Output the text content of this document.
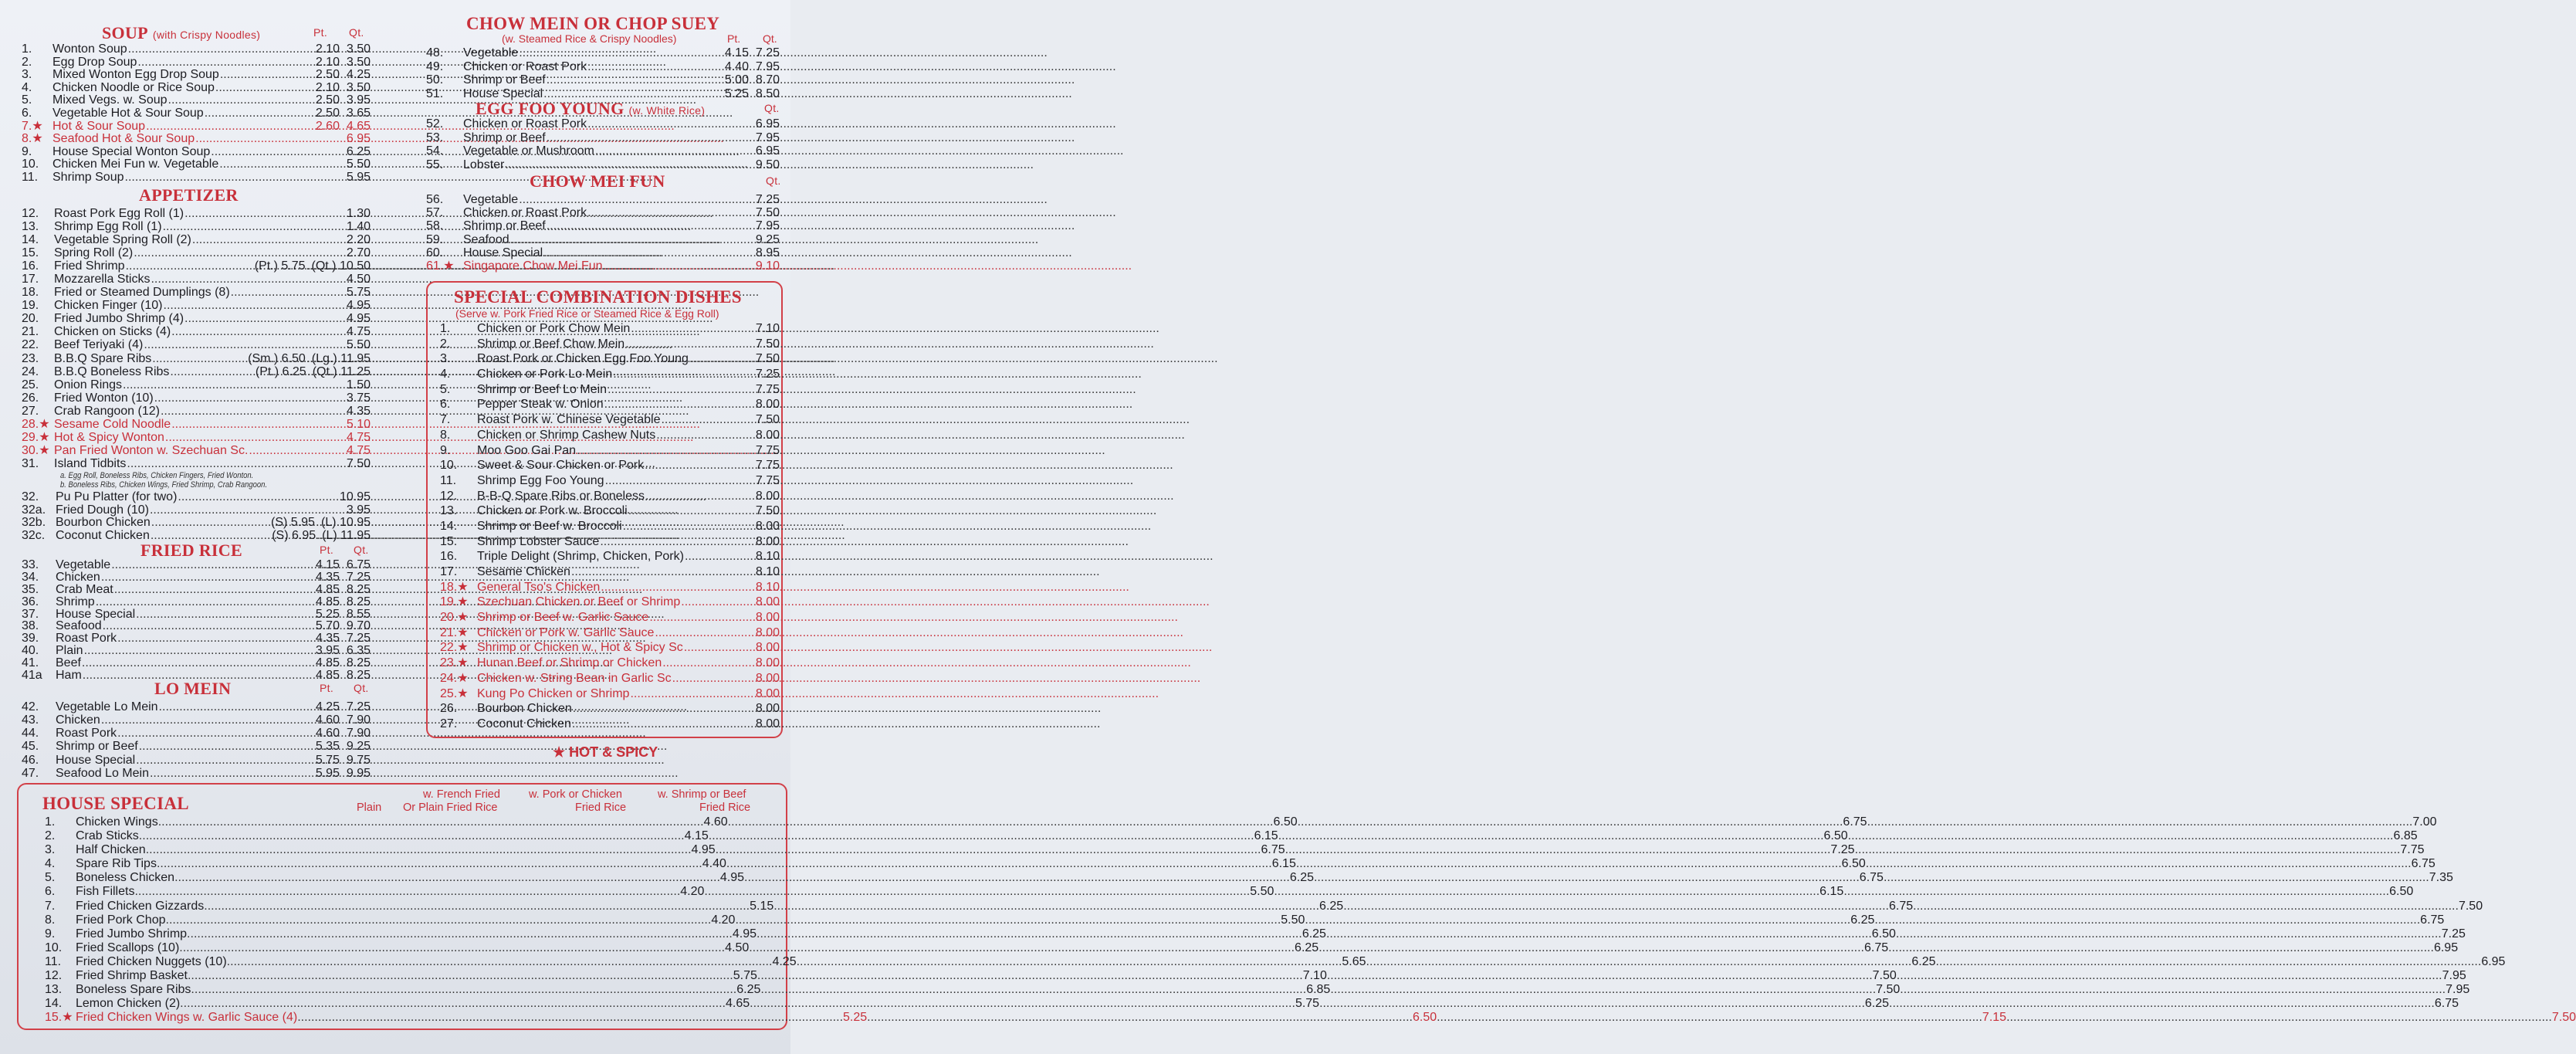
SOUP (with Crispy Noodles)	Pt. Qt.
1.	Wonton Soup .....	2.10  3.50
2.	Egg Drop Soup .....	2.10  3.50
3.	Mixed Wonton Egg Drop Soup .....	2.50  4.25
4.	Chicken Noodle or Rice Soup .....	2.10  3.50
5.	Mixed Vegs. w. Soup .....	2.50  3.95
6.	Vegetable Hot & Sour Soup .....	2.50  3.65
7.★ Hot & Sour Soup .....	2.60  4.65
8.★ Seafood Hot & Sour Soup .....	6.95
9.	House Special Wonton Soup .....	6.25
10.	Chicken Mei Fun w. Vegetable .....	5.50
11.	Shrimp Soup .....	5.95
APPETIZER
12.	Roast Pork Egg Roll (1) .....	1.30
13.	Shrimp Egg Roll (1) .....	1.40
14.	Vegetable Spring Roll (2) .....	2.20
15.	Spring Roll (2) .....	2.70
16.	Fried Shrimp .....	(Pt.) 5.75 ..... (Qt.) 10.50
17.	Mozzarella Sticks .....	4.50
18.	Fried or Steamed Dumplings (8) .....	5.75
19.	Chicken Finger (10) .....	4.95
20.	Fried Jumbo Shrimp (4) .....	4.95
21.	Chicken on Sticks (4) .....	4.75
22.	Beef Teriyaki (4) .....	5.50
23.	B.B.Q Spare Ribs .....	(Sm.) 6.50 ..... (Lg.) 11.95
24.	B.B.Q Boneless Ribs .....	(Pt.) 6.25 ..... (Qt.) 11.25
25.	Onion Rings .....	1.50
26.	Fried Wonton (10) .....	3.75
27.	Crab Rangoon (12) .....	4.35
28.★ Sesame Cold Noodle .....	5.10
29.★ Hot & Spicy Wonton .....	4.75
30.★ Pan Fried Wonton w. Szechuan Sc. .....	4.75
31.	Island Tidbits .....	7.50
a. Egg Roll, Boneless Ribs, Chicken Fingers, Fried Wonton.
b. Boneless Ribs, Chicken Wings, Fried Shrimp, Crab Rangoon.
32.	Pu Pu Platter (for two) .....	10.95
32a. Fried Dough (10) .....	3.95
32b. Bourbon Chicken .....	(S) 5.95 ..... (L) 10.95
32c. Coconut Chicken .....	(S) 6.95 ..... (L) 11.95
FRIED RICE	Pt. Qt.
33.	Vegetable .....	4.15  6.75
34.	Chicken .....	4.35  7.25
35.	Crab Meat .....	4.85  8.25
36.	Shrimp .....	4.85  8.25
37.	House Special .....	5.25  8.55
38.	Seafood .....	5.70  9.70
39.	Roast Pork .....	4.35  7.25
40.	Plain .....	3.95  6.35
41.	Beef .....	4.85  8.25
41a	Ham .....	4.85  8.25
LO MEIN	Pt. Qt.
42.	Vegetable Lo Mein .....	4.25  7.25
43.	Chicken .....	4.60  7.90
44.	Roast Pork .....	4.60  7.90
45.	Shrimp or Beef .....	5.35  9.25
46.	House Special .....	5.75  9.75
47.	Seafood Lo Mein .....	5.95  9.95
CHOW MEIN OR CHOP SUEY
(w. Steamed Rice & Crispy Noodles)	Pt. Qt.
48.	Vegetable .....	4.15  7.25
49.	Chicken or Roast Pork .....	4.40  7.95
50.	Shrimp or Beef .....	5.00  8.70
51.	House Special .....	5.25  8.50
EGG FOO YOUNG (w. White Rice)	Qt.
52.	Chicken or Roast Pork .....	6.95
53.	Shrimp or Beef .....	7.95
54.	Vegetable or Mushroom .....	6.95
55.	Lobster .....	9.50
CHOW MEI FUN	Qt.
56.	Vegetable .....	7.25
57.	Chicken or Roast Pork .....	7.50
58.	Shrimp or Beef .....	7.95
59.	Seafood .....	9.25
60.	House Special .....	8.95
61.★ Singapore Chow Mei Fun .....	9.10
SPECIAL COMBINATION DISHES
(Serve w. Pork Fried Rice or Steamed Rice & Egg Roll)
1.	Chicken or Pork Chow Mein .....	7.10
2.	Shrimp or Beef Chow Mein .....	7.50
3.	Roast Pork or Chicken Egg Foo Young .....	7.50
4.	Chicken or Pork Lo Mein .....	7.25
5.	Shrimp or Beef Lo Mein .....	7.75
6.	Pepper Steak w. Onion .....	8.00
7.	Roast Pork w. Chinese Vegetable .....	7.50
8.	Chicken or Shrimp Cashew Nuts .....	8.00
9.	Moo Goo Gai Pan .....	7.75
10.	Sweet & Sour Chicken or Pork .....	7.75
11.	Shrimp Egg Foo Young .....	7.75
12.	B-B-Q Spare Ribs or Boneless .....	8.00
13.	Chicken or Pork w. Broccoli .....	7.50
14.	Shrimp or Beef w. Broccoli .....	8.00
15.	Shrimp Lobster Sauce .....	8.00
16.	Triple Delight (Shrimp, Chicken, Pork) .....	8.10
17.	Sesame Chicken .....	8.10
18.★ General Tso's Chicken .....	8.10
19.★ Szechuan Chicken or Beef or Shrimp .....	8.00
20.★ Shrimp or Beef w. Garlic Sauce .....	8.00
21.★ Chicken or Pork w. Garlic Sauce .....	8.00
22.★ Shrimp or Chicken w., Hot & Spicy Sc .....	8.00
23.★ Hunan Beef or Shrimp or Chicken .....	8.00
24.★ Chicken w. String Bean in Garlic Sc .....	8.00
25.★ Kung Po Chicken or Shrimp .....	8.00
26.	Bourbon Chicken .....	8.00
27.	Coconut Chicken .....	8.00
★ HOT & SPICY
HOUSE SPECIAL	Plain
w. French Fried
Or Plain Fried Rice
w. Pork or Chicken
Fried Rice
w. Shrimp or Beef
Fried Rice
1.	Chicken Wings .....	4.60 .....	6.50 .....	6.75 .....	7.00
2.	Crab Sticks .....	4.15 .....	6.15 .....	6.50 .....	6.85
3.	Half Chicken .....	4.95 .....	6.75 .....	7.25 .....	7.75
4.	Spare Rib Tips .....	4.40 .....	6.15 .....	6.50 .....	6.75
5.	Boneless Chicken .....	4.95 .....	6.25 .....	6.75 .....	7.35
6.	Fish Fillets .....	4.20 .....	5.50 .....	6.15 .....	6.50
7.	Fried Chicken Gizzards .....	5.15 .....	6.25 .....	6.75 .....	7.50
8.	Fried Pork Chop .....	4.20 .....	5.50 .....	6.25 .....	6.75
9.	Fried Jumbo Shrimp .....	4.95 .....	6.25 .....	6.50 .....	7.25
10.	Fried Scallops (10) .....	4.50 .....	6.25 .....	6.75 .....	6.95
11.	Fried Chicken Nuggets (10) .....	4.25 .....	5.65 .....	6.25 .....	6.95
12.	Fried Shrimp Basket .....	5.75 .....	7.10 .....	7.50 .....	7.95
13.	Boneless Spare Ribs .....	6.25 .....	6.85 .....	7.50 .....	7.95
14.	Lemon Chicken (2) .....	4.65 .....	5.75 .....	6.25 .....	6.75
15.★ Fried Chicken Wings w. Garlic Sauce (4) .....	5.25 .....	6.50 .....	7.15 .....	7.50
